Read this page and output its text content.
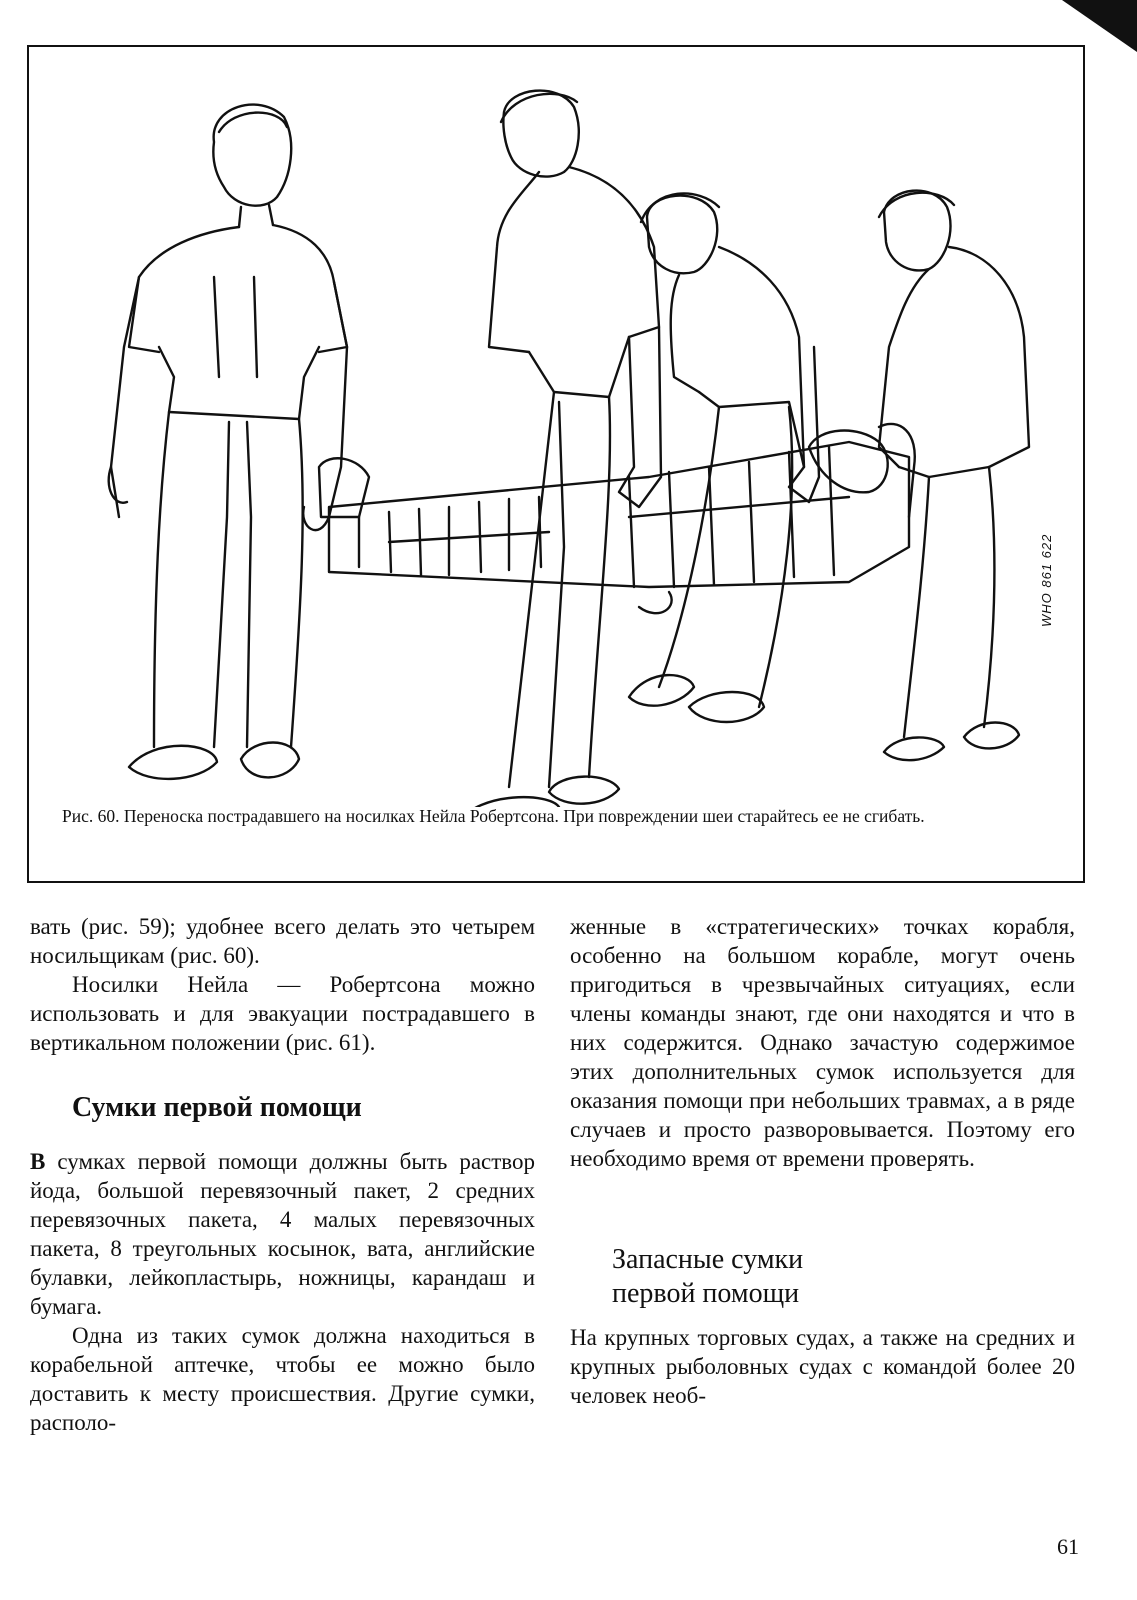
WHO 861 622

Рис. 60. Переноска пострадавшего на носилках Нейла Робертсона. При повреждении шеи старайтесь ее не сгибать.

вать (рис. 59); удобнее всего делать это четырем носильщикам (рис. 60).

Носилки Нейла — Робертсона можно использовать и для эвакуации пострадавшего в вертикальном положении (рис. 61).

Сумки первой помощи

В сумках первой помощи должны быть раствор йода, большой перевязочный пакет, 2 средних перевязочных пакета, 4 малых перевязочных пакета, 8 треугольных косынок, вата, английские булавки, лейкопластырь, ножницы, карандаш и бумага.

Одна из таких сумок должна находиться в корабельной аптечке, чтобы ее можно было доставить к месту происшествия. Другие сумки, располо-

женные в «стратегических» точках корабля, особенно на большом корабле, могут очень пригодиться в чрезвычайных ситуациях, если члены команды знают, где они находятся и что в них содержится. Однако зачастую содержимое этих дополнительных сумок используется для оказания помощи при небольших травмах, а в ряде случаев и просто разворовывается. Поэтому его необходимо время от времени проверять.

Запасные сумки
первой помощи

На крупных торговых судах, а также на средних и крупных рыболовных судах с командой более 20 человек необ-

61
